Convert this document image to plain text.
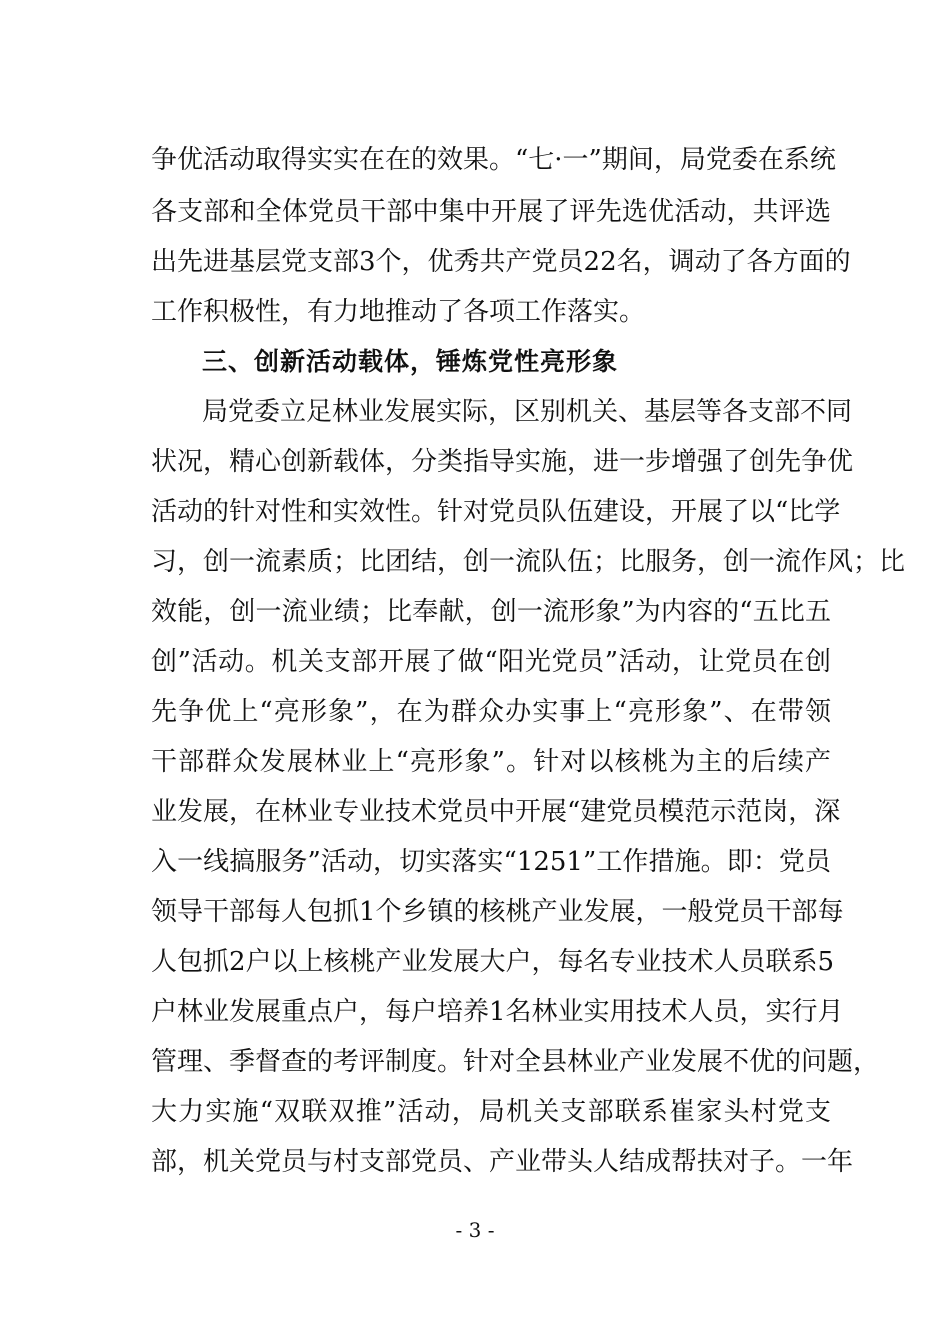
争优活动取得实实在在的效果。“七·一”期间，局党委在系统
各支部和全体党员干部中集中开展了评先选优活动，共评选
出先进基层党支部3个，优秀共产党员22名，调动了各方面的
工作积极性，有力地推动了各项工作落实。
三、创新活动载体，锤炼党性亮形象
局党委立足林业发展实际，区别机关、基层等各支部不同
状况，精心创新载体，分类指导实施，进一步增强了创先争优
活动的针对性和实效性。针对党员队伍建设，开展了以“比学
习，创一流素质；比团结，创一流队伍；比服务，创一流作风；比
效能，创一流业绩；比奉献，创一流形象”为内容的“五比五
创”活动。机关支部开展了做“阳光党员”活动，让党员在创
先争优上“亮形象”，在为群众办实事上“亮形象”、在带领
干部群众发展林业上“亮形象”。针对以核桃为主的后续产
业发展，在林业专业技术党员中开展“建党员模范示范岗，深
入一线搞服务”活动，切实落实“1251”工作措施。即：党员
领导干部每人包抓1个乡镇的核桃产业发展，一般党员干部每
人包抓2户以上核桃产业发展大户，每名专业技术人员联系5
户林业发展重点户，每户培养1名林业实用技术人员，实行月
管理、季督查的考评制度。针对全县林业产业发展不优的问题，
大力实施“双联双推”活动，局机关支部联系崔家头村党支
部，机关党员与村支部党员、产业带头人结成帮扶对子。一年
- 3 -
